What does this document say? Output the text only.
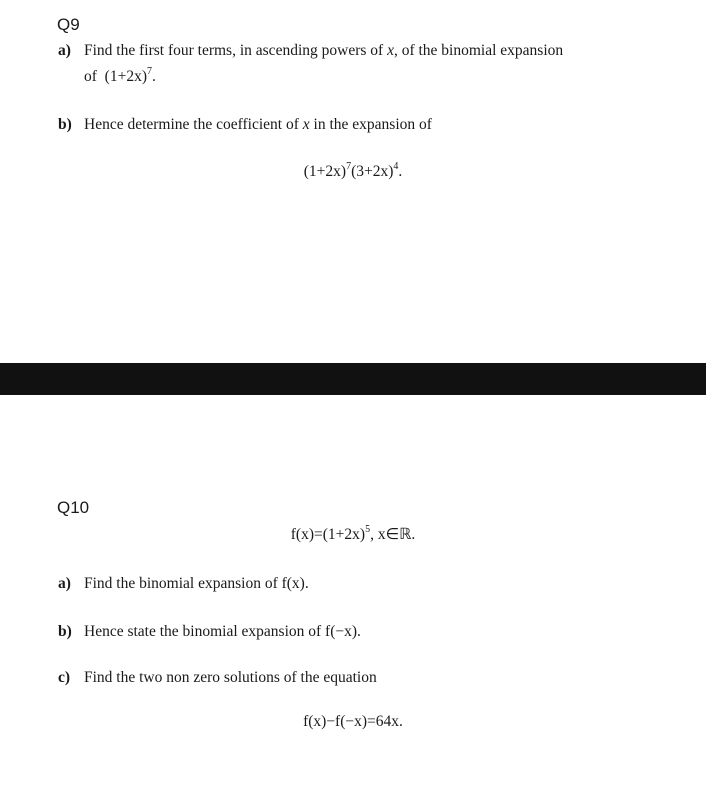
Q9
a) Find the first four terms, in ascending powers of x, of the binomial expansion
of $(1+2x)^7$.
b) Hence determine the coefficient of x in the expansion of
$(1+2x)^7(3+2x)^4$.
Q10
$f(x)=(1+2x)^5$, x∈ℝ.
a) Find the binomial expansion of f(x).
b) Hence state the binomial expansion of f(−x).
c) Find the two non zero solutions of the equation
f(x)−f(−x)=64x.
